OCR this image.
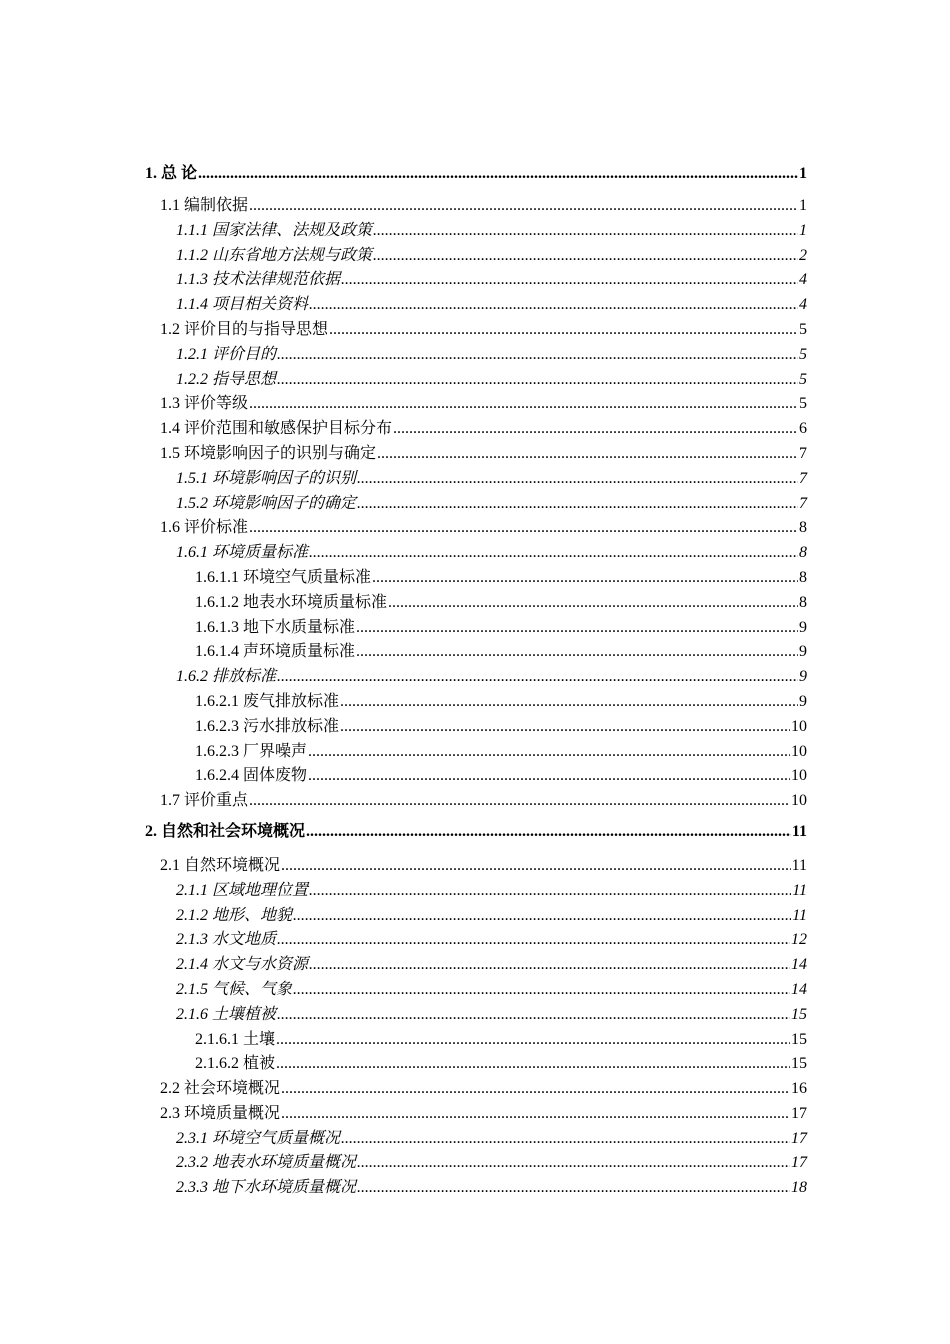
1. 总 论 .....	1
1.1 编制依据 .....	1
1.1.1 国家法律、法规及政策 .....	1
1.1.2 山东省地方法规与政策 .....	2
1.1.3 技术法律规范依据 .....	4
1.1.4 项目相关资料 .....	4
1.2 评价目的与指导思想 .....	5
1.2.1 评价目的 .....	5
1.2.2 指导思想 .....	5
1.3 评价等级 .....	5
1.4 评价范围和敏感保护目标分布 .....	6
1.5 环境影响因子的识别与确定 .....	7
1.5.1 环境影响因子的识别 .....	7
1.5.2 环境影响因子的确定 .....	7
1.6 评价标准 .....	8
1.6.1 环境质量标准 .....	8
1.6.1.1 环境空气质量标准 .....	8
1.6.1.2 地表水环境质量标准 .....	8
1.6.1.3 地下水质量标准 .....	9
1.6.1.4 声环境质量标准 .....	9
1.6.2 排放标准 .....	9
1.6.2.1 废气排放标准 .....	9
1.6.2.3 污水排放标准 .....	10
1.6.2.3 厂界噪声 .....	10
1.6.2.4 固体废物 .....	10
1.7 评价重点 .....	10
2. 自然和社会环境概况 .....	11
2.1 自然环境概况 .....	11
2.1.1 区域地理位置 .....	11
2.1.2 地形、地貌 .....	11
2.1.3 水文地质 .....	12
2.1.4 水文与水资源 .....	14
2.1.5 气候、气象 .....	14
2.1.6 土壤植被 .....	15
2.1.6.1 土壤 .....	15
2.1.6.2 植被 .....	15
2.2 社会环境概况 .....	16
2.3 环境质量概况 .....	17
2.3.1 环境空气质量概况 .....	17
2.3.2 地表水环境质量概况 .....	17
2.3.3 地下水环境质量概况 .....	18
